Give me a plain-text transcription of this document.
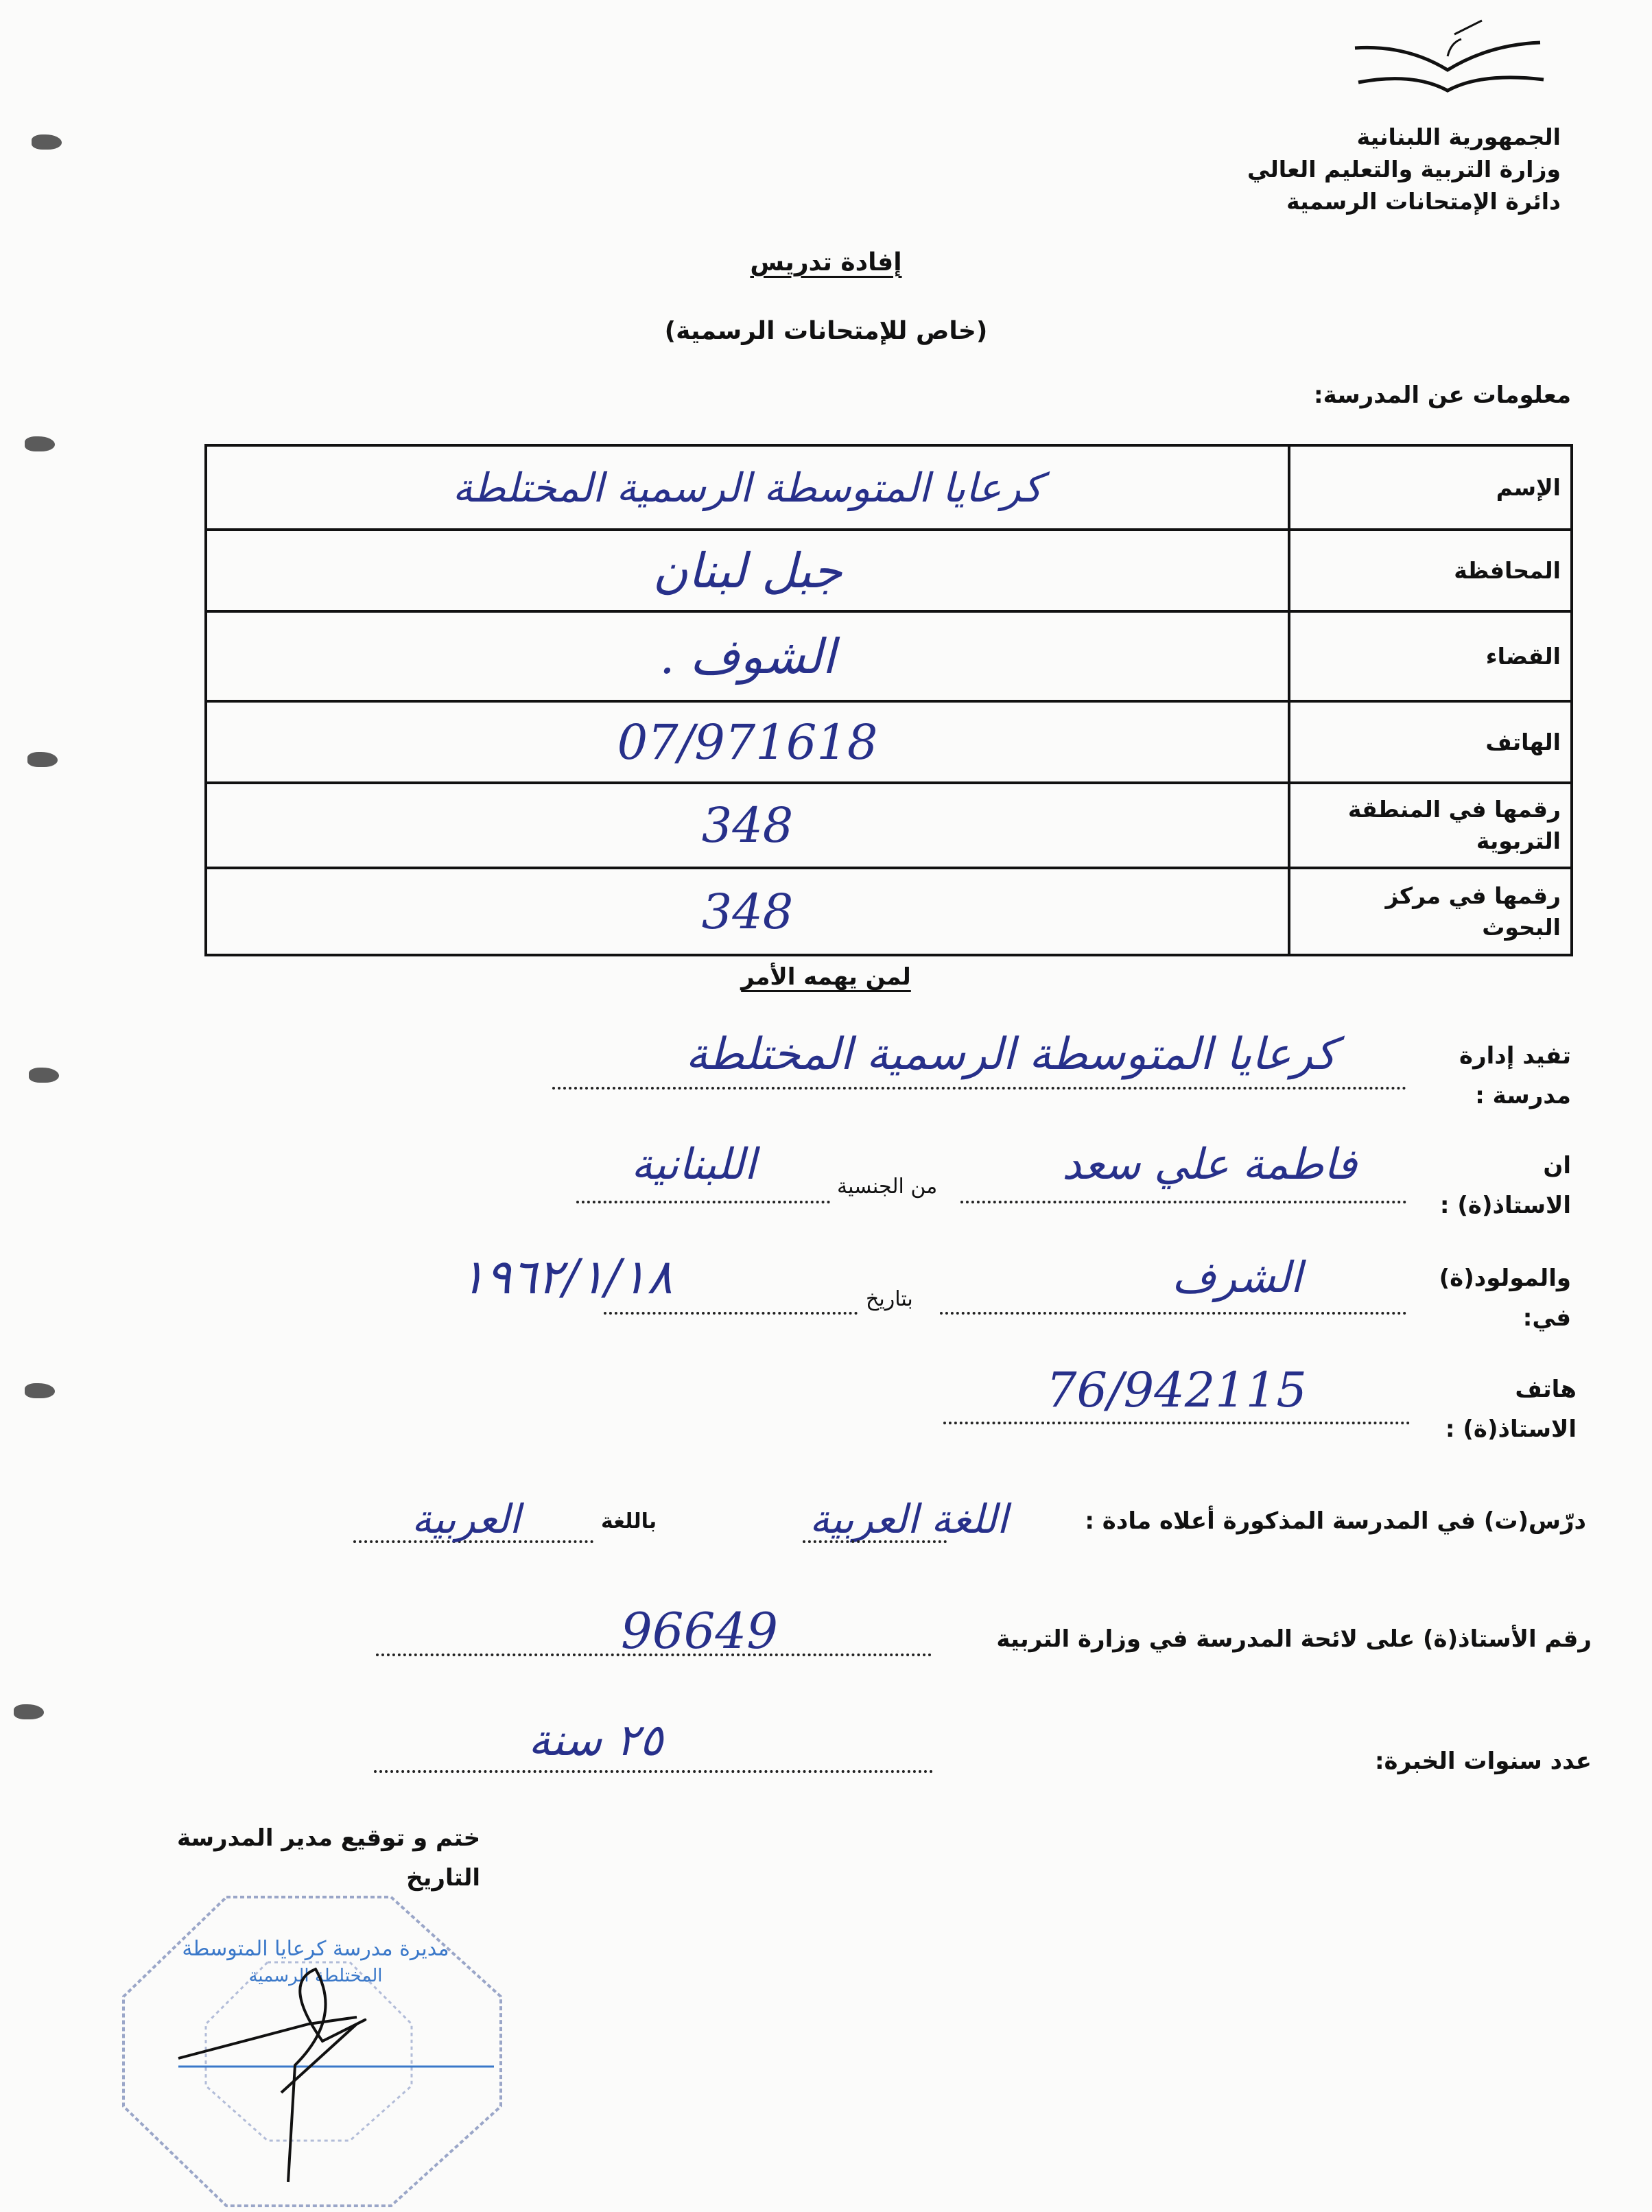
الجمهورية اللبنانية
وزارة التربية والتعليم العالي
دائرة الإمتحانات الرسمية
إفادة تدريس
(خاص للإمتحانات الرسمية)
معلومات عن المدرسة:
الإسم	كرعايا المتوسطة الرسمية المختلطة
المحافظة	جبل لبنان
القضاء	الشوف .
الهاتف	07/971618
رقمها في المنطقة التربوية	348
رقمها في مركز البحوث	348
لمن يهمه الأمر
تفيد إدارة مدرسة :
كرعايا المتوسطة الرسمية المختلطة
ان الاستاذ(ة) :
فاطمة علي سعد
من الجنسية
اللبنانية
والمولود(ة) في:
الشرف
بتاريخ
١٩٦٢/١/١٨
هاتف الاستاذ(ة) :
76/942115
درّس(ت) في المدرسة المذكورة أعلاه مادة :
اللغة العربية
باللغة
العربية
رقم الأستاذ(ة) على لائحة المدرسة في وزارة التربية
96649
عدد سنوات الخبرة:
٢٥ سنة
ختم و توقيع مدير المدرسة
التاريخ
مديرة مدرسة كرعايا المتوسطة
المختلطة الرسمية
